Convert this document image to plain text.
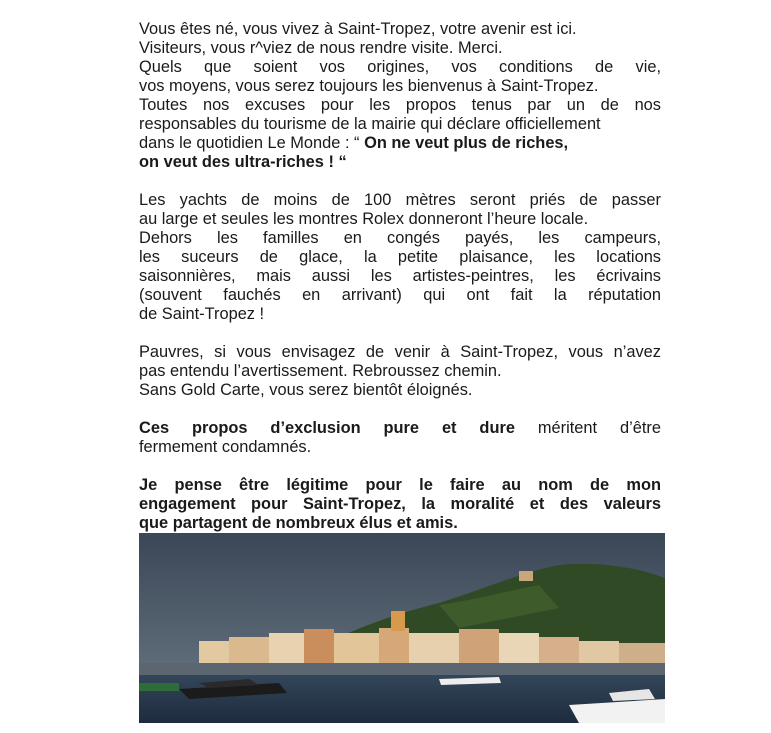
Vous êtes né, vous vivez à Saint-Tropez, votre avenir est ici.
Visiteurs, vous r^viez de nous rendre visite. Merci.
Quels que soient vos origines, vos conditions de vie,
vos moyens, vous serez toujours les bienvenus à Saint-Tropez.
Toutes nos excuses pour les propos tenus par un de nos
responsables du tourisme de la mairie qui déclare officiellement
dans le quotidien Le Monde : “ On ne veut plus de riches,
on veut des ultra-riches ! “
Les yachts de moins de 100 mètres seront priés de passer
au large et seules les montres Rolex donneront l’heure locale.
Dehors les familles en congés payés, les campeurs,
les suceurs de glace, la petite plaisance, les locations
saisonnières, mais aussi les artistes-peintres, les écrivains
(souvent fauchés en arrivant) qui ont fait la réputation
de Saint-Tropez !
Pauvres, si vous envisagez de venir à Saint-Tropez, vous n’avez
pas entendu l’avertissement. Rebroussez chemin.
Sans Gold Carte, vous serez bientôt éloignés.
Ces propos d’exclusion pure et dure méritent d’être
fermement condamnés.
Je pense être légitime pour le faire au nom de mon
engagement pour Saint-Tropez, la moralité et des valeurs
que partagent de nombreux élus et amis.
